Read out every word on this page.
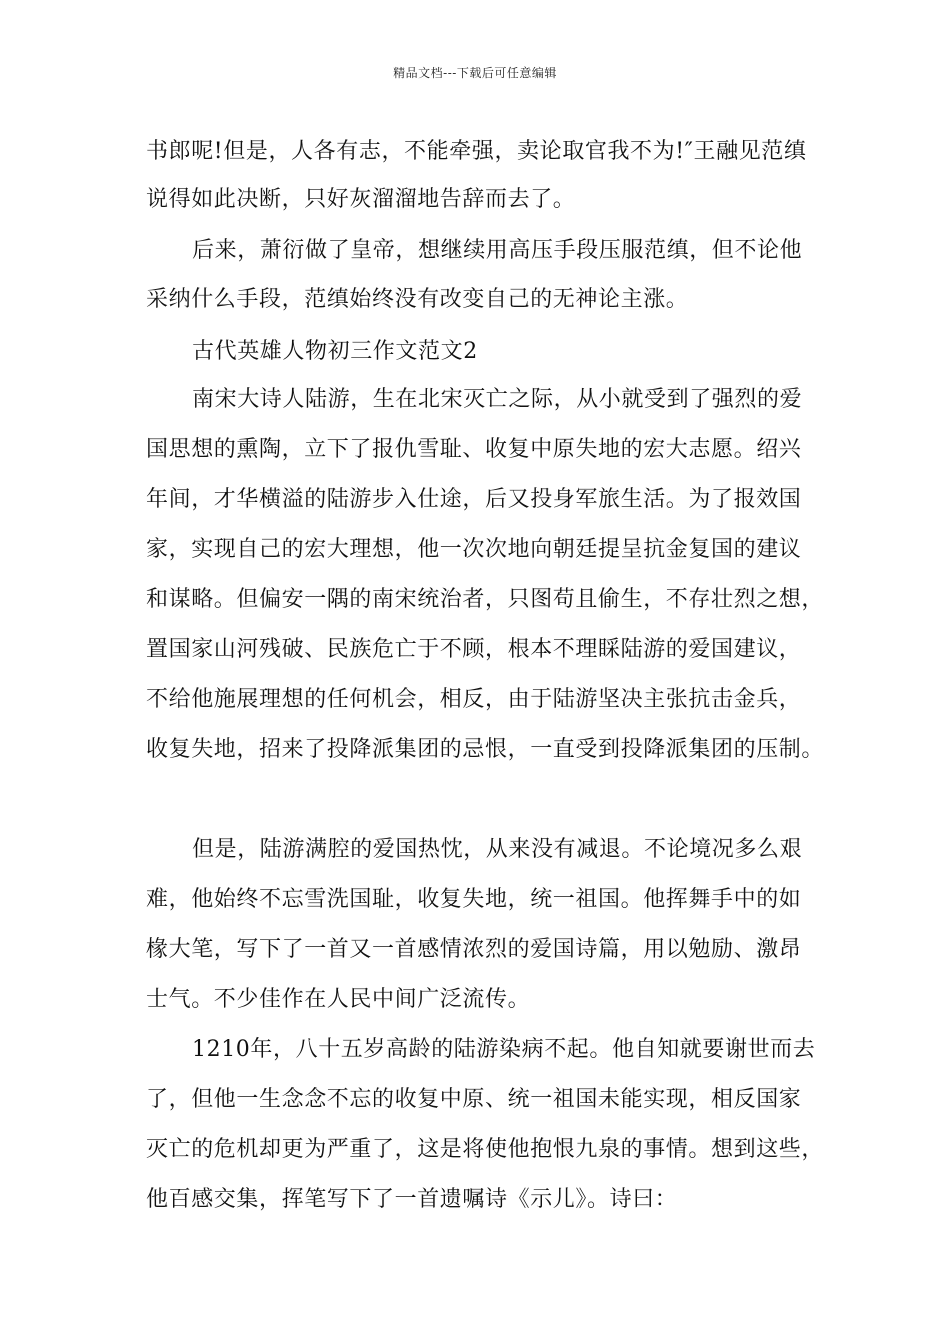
精品文档---下载后可任意编辑
书郎呢!但是，人各有志，不能牵强，卖论取官我不为!″王融见范缜
说得如此决断，只好灰溜溜地告辞而去了。
后来，萧衍做了皇帝，想继续用高压手段压服范缜，但不论他
采纳什么手段，范缜始终没有改变自己的无神论主涨。
古代英雄人物初三作文范文2
南宋大诗人陆游，生在北宋灭亡之际，从小就受到了强烈的爱
国思想的熏陶，立下了报仇雪耻、收复中原失地的宏大志愿。绍兴
年间，才华横溢的陆游步入仕途，后又投身军旅生活。为了报效国
家，实现自己的宏大理想，他一次次地向朝廷提呈抗金复国的建议
和谋略。但偏安一隅的南宋统治者，只图苟且偷生，不存壮烈之想，
置国家山河残破、民族危亡于不顾，根本不理睬陆游的爱国建议，
不给他施展理想的任何机会，相反，由于陆游坚决主张抗击金兵，
收复失地，招来了投降派集团的忌恨，一直受到投降派集团的压制。
但是，陆游满腔的爱国热忱，从来没有减退。不论境况多么艰
难，他始终不忘雪洗国耻，收复失地，统一祖国。他挥舞手中的如
椽大笔，写下了一首又一首感情浓烈的爱国诗篇，用以勉励、激昂
士气。不少佳作在人民中间广泛流传。
1210年，八十五岁高龄的陆游染病不起。他自知就要谢世而去
了，但他一生念念不忘的收复中原、统一祖国未能实现，相反国家
灭亡的危机却更为严重了，这是将使他抱恨九泉的事情。想到这些，
他百感交集，挥笔写下了一首遗嘱诗《示儿》。诗曰：
